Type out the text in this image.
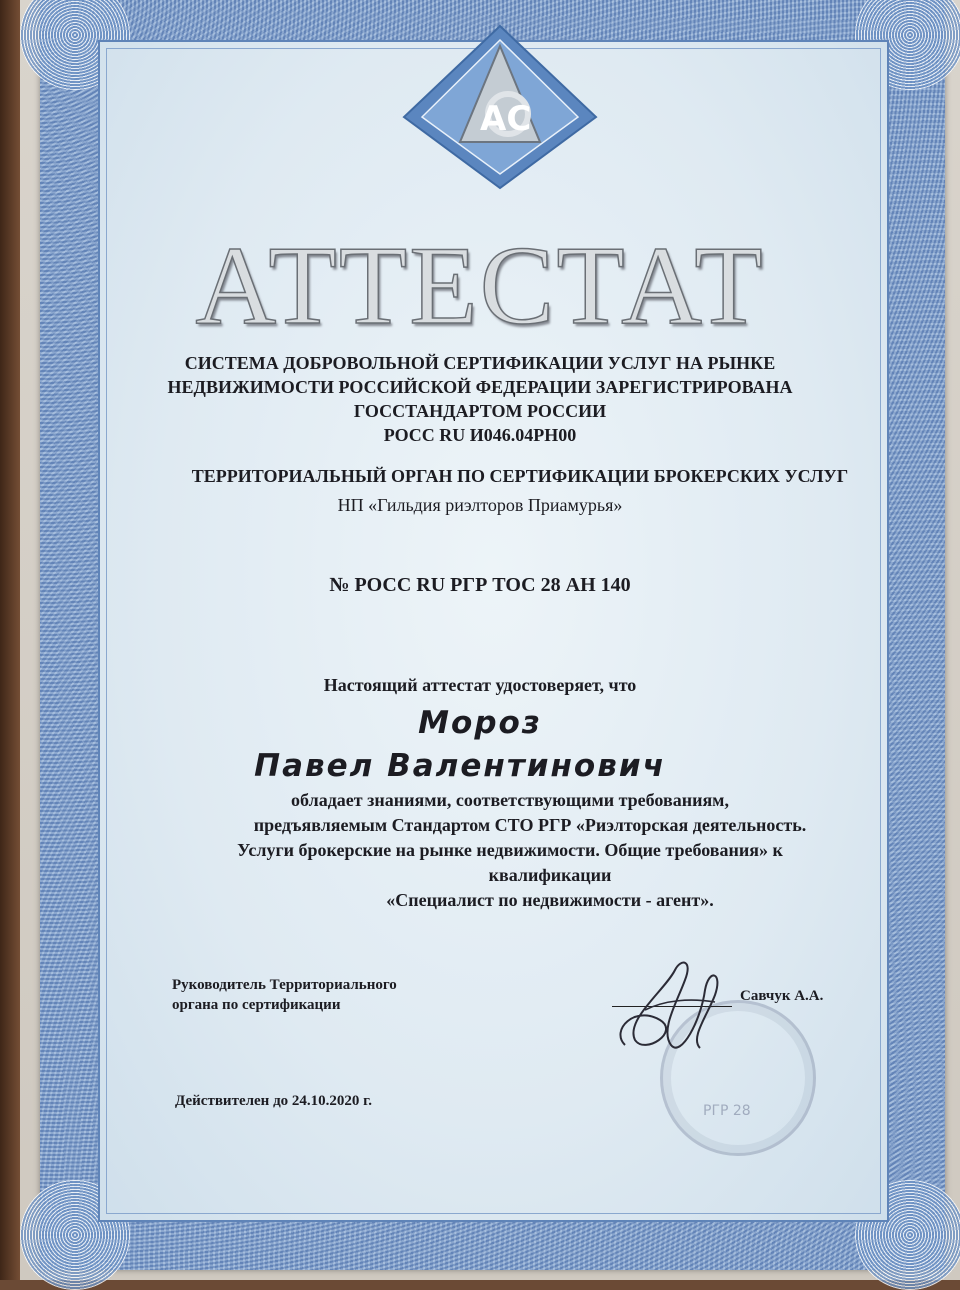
АС
АТТЕСТАТ

СИСТЕМА ДОБРОВОЛЬНОЙ СЕРТИФИКАЦИИ УСЛУГ НА РЫНКЕ

НЕДВИЖИМОСТИ РОССИЙСКОЙ ФЕДЕРАЦИИ ЗАРЕГИСТРИРОВАНА

ГОССТАНДАРТОМ РОССИИ

РОСС RU И046.04РН00

ТЕРРИТОРИАЛЬНЫЙ ОРГАН ПО СЕРТИФИКАЦИИ БРОКЕРСКИХ УСЛУГ

НП «Гильдия риэлторов Приамурья»

№ РОСС RU РГР ТОС 28 АН 140

Настоящий аттестат удостоверяет, что

Мороз

Павел Валентинович

обладает знаниями, соответствующими требованиям,

предъявляемым Стандартом СТО РГР «Риэлторская деятельность.

Услуги брокерские на рынке недвижимости. Общие требования» к

квалификации

«Специалист по недвижимости - агент».

Руководитель Территориального
органа по сертификации
РГР 28
Савчук А.А.
Действителен до 24.10.2020 г.
